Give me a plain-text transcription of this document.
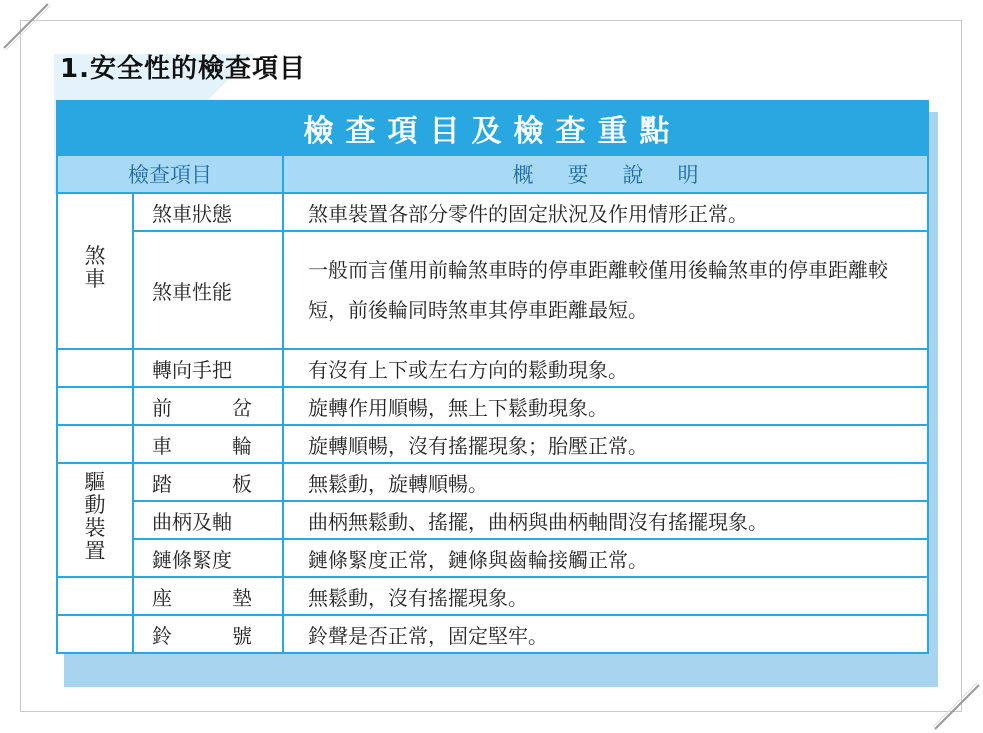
1.安全性的檢查項目
檢查項目及檢查重點		
檢查項目		概要說明
煞車	煞車狀態	煞車裝置各部分零件的固定狀況及作用情形正常。
	煞車性能	一般而言僅用前輪煞車時的停車距離較僅用後輪煞車的停車距離較短，前後輪同時煞車其停車距離最短。
	轉向手把	有沒有上下或左右方向的鬆動現象。

	前 岔	旋轉作用順暢，無上下鬆動現象。

	車 輪	旋轉順暢，沒有搖擺現象；胎壓正常。
驅動裝置	踏 板	無鬆動，旋轉順暢。
	曲柄及軸	曲柄無鬆動、搖擺，曲柄與曲柄軸間沒有搖擺現象。
	鏈條緊度	鏈條緊度正常，鏈條與齒輪接觸正常。

	座 墊	無鬆動，沒有搖擺現象。

	鈴 號	鈴聲是否正常，固定堅牢。
